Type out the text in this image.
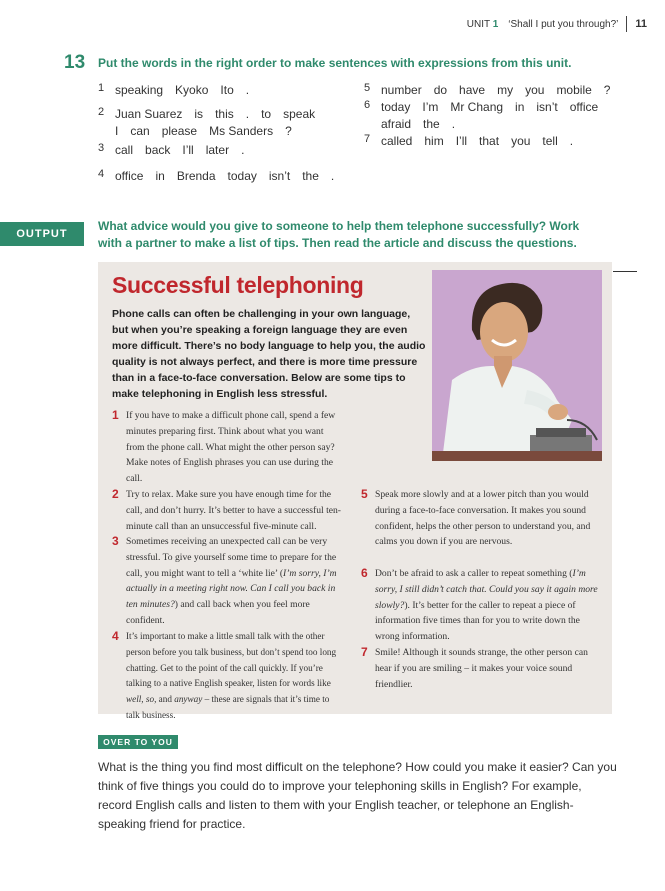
UNIT 1 ‘Shall I put you through?’ 11
13 Put the words in the right order to make sentences with expressions from this unit.
1 speaking Kyoko Ito .
2 Juan Suarez is this . to speak
I can please Ms Sanders ?
3 call back I’ll later .
4 office in Brenda today isn’t the .
5 number do have my you mobile ?
6 today I’m Mr Chang in isn’t office
afraid the .
7 called him I’ll that you tell .
OUTPUT
What advice would you give to someone to help them telephone successfully? Work with a partner to make a list of tips. Then read the article and discuss the questions.
Successful telephoning
Phone calls can often be challenging in your own language, but when you’re speaking a foreign language they are even more difficult. There’s no body language to help you, the audio quality is not always perfect, and there is more time pressure than in a face-to-face conversation. Below are some tips to make telephoning in English less stressful.
1 If you have to make a difficult phone call, spend a few minutes preparing first. Think about what you want from the phone call. What might the other person say? Make notes of English phrases you can use during the call.
2 Try to relax. Make sure you have enough time for the call, and don’t hurry. It’s better to have a successful ten-minute call than an unsuccessful five-minute call.
3 Sometimes receiving an unexpected call can be very stressful. To give yourself some time to prepare for the call, you might want to tell a ‘white lie’ (I’m sorry, I’m actually in a meeting right now. Can I call you back in ten minutes?) and call back when you feel more confident.
4 It’s important to make a little small talk with the other person before you talk business, but don’t spend too long chatting. Get to the point of the call quickly. If you’re talking to a native English speaker, listen for words like well, so, and anyway – these are signals that it’s time to talk business.
5 Speak more slowly and at a lower pitch than you would during a face-to-face conversation. It makes you sound confident, helps the other person to understand you, and calms you down if you are nervous.
6 Don’t be afraid to ask a caller to repeat something (I’m sorry, I still didn’t catch that. Could you say it again more slowly?). It’s better for the caller to repeat a piece of information five times than for you to write down the wrong information.
7 Smile! Although it sounds strange, the other person can hear if you are smiling – it makes your voice sound friendlier.
OVER TO YOU
What is the thing you find most difficult on the telephone? How could you make it easier? Can you think of five things you could do to improve your telephoning skills in English? For example, record English calls and listen to them with your English teacher, or telephone an English-speaking friend for practice.
